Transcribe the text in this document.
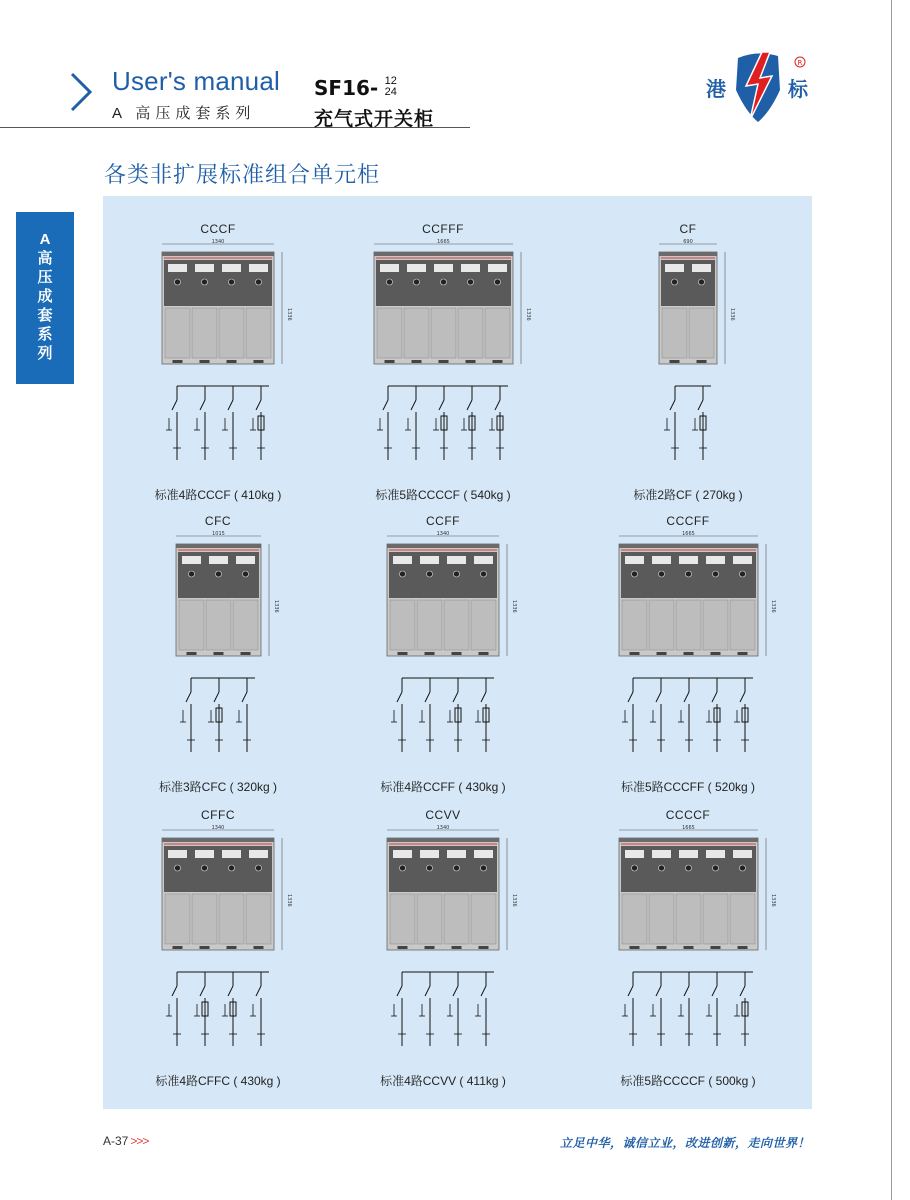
User's manual
A 高压成套系列
SF16- 12
24
充气式开关柜
港	标
R
A
高
压
成
套
系
列
各类非扩展标准组合单元柜
CCCF
1340
1336
标准4路CCCF ( 410kg )
CCFFF
1665
1336
标准5路CCCCF ( 540kg )
CF
690
1336
标准2路CF ( 270kg )
CFC
1015
1336
标准3路CFC ( 320kg )
CCFF
1340
1336
标准4路CCFF ( 430kg )
CCCFF
1665
1336
标准5路CCCFF ( 520kg )
CFFC
1340
1336
标准4路CFFC ( 430kg )
CCVV
1340
1336
标准4路CCVV ( 411kg )
CCCCF
1665
1336
标准5路CCCCF ( 500kg )
A-37 >>>	立足中华，诚信立业，改进创新，走向世界！
